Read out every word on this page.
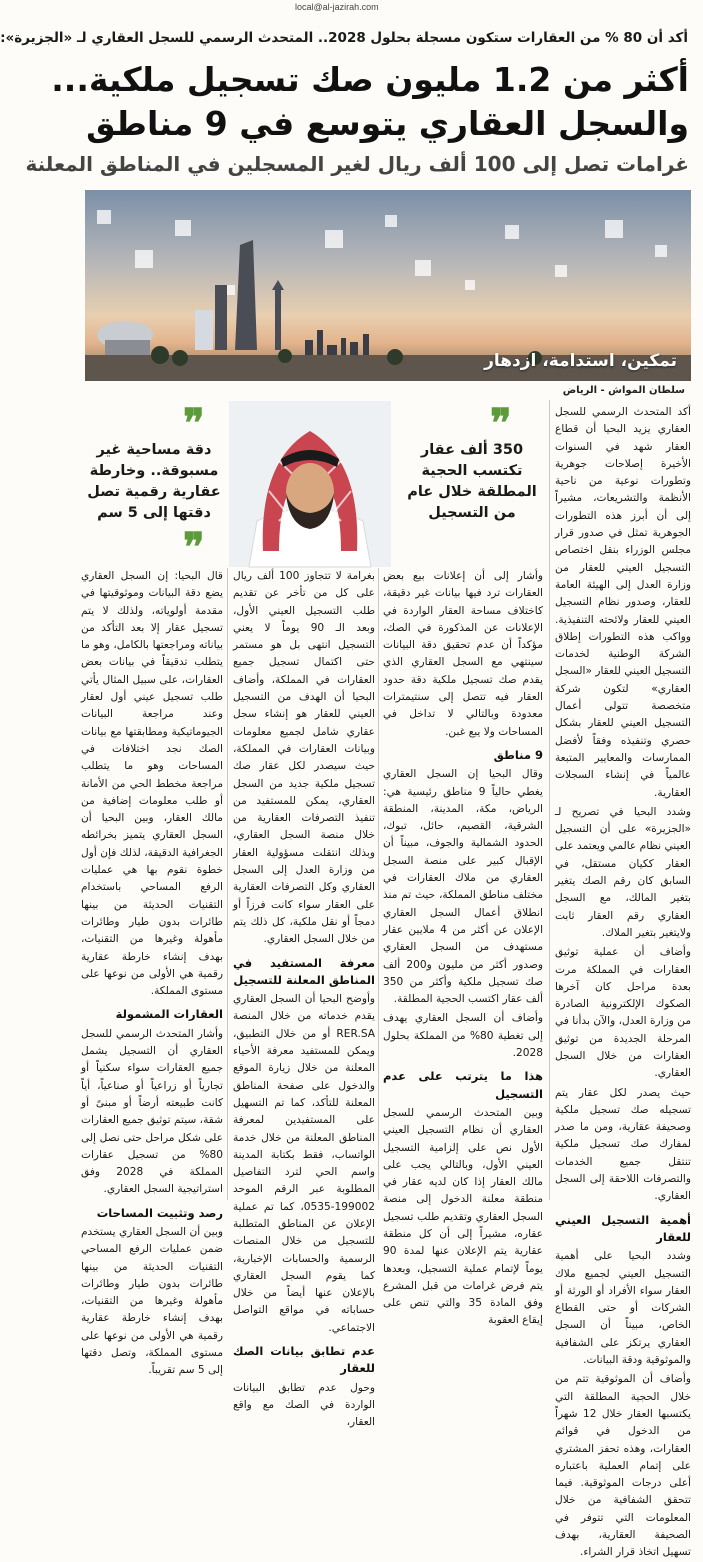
local@al-jazirah.com
أكد أن 80 % من العقارات ستكون مسجلة بحلول 2028.. المتحدث الرسمي للسجل العقاري لـ «الجزيرة»:
أكثر من 1.2 مليون صك تسجيل ملكية...
والسجل العقاري يتوسع في 9 مناطق
غرامات تصل إلى 100 ألف ريال لغير المسجلين في المناطق المعلنة
تمكين، استدامة، ازدهار
سلطان المواش - الرياض

أكد المتحدث الرسمي للسجل العقاري يزيد البحيا أن قطاع العقار شهد في السنوات الأخيرة إصلاحات جوهرية وتطورات نوعية من ناحية الأنظمة والتشريعات، مشيراً إلى أن أبرز هذه التطورات الجوهرية تمثل في صدور قرار مجلس الوزراء بنقل اختصاص التسجيل العيني للعقار من وزارة العدل إلى الهيئة العامة للعقار، وصدور نظام التسجيل العيني للعقار ولائحته التنفيذية. وواكب هذه التطورات إطلاق الشركة الوطنية لخدمات التسجيل العيني للعقار «السجل العقاري» لتكون شركة متخصصة تتولى أعمال التسجيل العيني للعقار بشكل حصري وتنفيذه وفقاً لأفضل الممارسات والمعايير المتبعة عالمياً في إنشاء السجلات العقارية.

وشدد البحيا في تصريح لـ «الجزيرة» على أن التسجيل العيني نظام عالمي ويعتمد على العقار ككيان مستقل، في السابق كان رقم الصك يتغير بتغير المالك، مع السجل العقاري رقم العقار ثابت ولايتغير بتغير الملاك.

وأضاف أن عملية توثيق العقارات في المملكة مرت بعدة مراحل كان آخرها الصكوك الإلكترونية الصادرة من وزارة العدل، والآن بدأنا في المرحلة الجديدة من توثيق العقارات من خلال السجل العقاري.

حيث يصدر لكل عقار يتم تسجيله صك تسجيل ملكية وصحيفة عقارية، ومن ما صدر لمفارك صك تسجيل ملكية تنتقل جميع الخدمات والتصرفات اللاحقة إلى السجل العقاري.

أهمية التسجيل العيني للعقار

وشدد البحيا على أهمية التسجيل العيني لجميع ملاك العقار سواء الأفراد أو الورثة أو الشركات أو حتى القطاع الخاص، مبيناً أن السجل العقاري يرتكز على الشفافية والموثوقية ودقة البيانات.

وأضاف أن الموثوقية تتم من خلال الحجية المطلقة التي يكتسبها العقار خلال 12 شهراً من الدخول في قوائم العقارات، وهذه تحفز المشتري على إتمام العملية باعتباره أعلى درجات الموثوقية. فيما تتحقق الشفافية من خلال المعلومات التي تتوفر في الصحيفة العقارية، بهدف تسهيل اتخاذ قرار الشراء.

❞
350 ألف عقار تكتسب الحجية المطلقة خلال عام من التسجيل
❞
دقة مساحية غير مسبوقة.. وخارطة عقارية رقمية تصل دقتها إلى 5 سم
❞

وأشار إلى أن إعلانات بيع بعض العقارات ترد فيها بيانات غير دقيقة، كاختلاف مساحة العقار الواردة في الإعلانات عن المذكورة في الصك، مؤكداً أن عدم تحقيق دقة البيانات سينتهي مع السجل العقاري الذي يقدم صك تسجيل ملكية دقة حدود العقار فيه تتصل إلى سنتيمترات معدودة وبالتالي لا تداخل في المساحات ولا يبع غبن.

9 مناطق

وقال البحيا إن السجل العقاري يغطي حالياً 9 مناطق رئيسية هي: الرياض، مكة، المدينة، المنطقة الشرقية، القصيم، حائل، تبوك، الحدود الشمالية والجوف، مبيناً أن الإقبال كبير على منصة السجل العقاري من ملاك العقارات في مختلف مناطق المملكة، حيث تم منذ انطلاق أعمال السجل العقاري الإعلان عن أكثر من 4 ملايين عقار مستهدف من السجل العقاري وصدور أكثر من مليون و200 ألف صك تسجيل ملكية وأكثر من 350 ألف عقار اكتسب الحجية المطلقة.

وأضاف أن السجل العقاري يهدف إلى تغطية 80% من المملكة بحلول 2028.

هذا ما يترتب على عدم التسجيل

وبين المتحدث الرسمي للسجل العقاري أن نظام التسجيل العيني الأول نص على إلزامية التسجيل العيني الأول، وبالتالي يجب على مالك العقار إذا كان لديه عقار في منطقة معلنة الدخول إلى منصة السجل العقاري وتقديم طلب تسجيل عقاره، مشيراً إلى أن كل منطقة عقارية يتم الإعلان عنها لمدة 90 يوماً لإتمام عملية التسجيل، وبعدها يتم فرض غرامات من قبل المشرع وفق المادة 35 والتي تنص على إيقاع العقوبة

بغرامة لا تتجاوز 100 ألف ريال على كل من تأخر عن تقديم طلب التسجيل العيني الأول، وبعد الـ 90 يوماً لا يعني التسجيل انتهى بل هو مستمر حتى اكتمال تسجيل جميع العقارات في المملكة، وأضاف البحيا أن الهدف من التسجيل العيني للعقار هو إنشاء سجل عقاري شامل لجميع معلومات وبيانات العقارات في المملكة، حيث سيصدر لكل عقار صك تسجيل ملكية جديد من السجل العقاري، يمكن للمستفيد من تنفيذ التصرفات العقارية من خلال منصة السجل العقاري، وبذلك انتقلت مسؤولية العقار من وزارة العدل إلى السجل العقاري وكل التصرفات العقارية على العقار سواء كانت فرزاً أو دمجاً أو نقل ملكية، كل ذلك يتم من خلال السجل العقاري.

معرفة المستفيد في المناطق المعلنة للتسجيل

وأوضح البحيا أن السجل العقاري يقدم خدماته من خلال المنصة RER.SA أو من خلال التطبيق، ويمكن للمستفيد معرفة الأحياء المعلنة من خلال زيارة الموقع والدخول على صفحة المناطق المعلنة للتأكد، كما تم التسهيل على المستفيدين لمعرفة المناطق المعلنة من خلال خدمة الواتساب، فقط بكتابة المدينة واسم الحي لترد التفاصيل المطلوبة عبر الرقم الموحد 199002-0535، كما تم عملية الإعلان عن المناطق المتطلبة للتسجيل من خلال المنصات الرسمية والحسابات الإخبارية، كما يقوم السجل العقاري بالإعلان عنها أيضاً من خلال حساباته في مواقع التواصل الاجتماعي.

عدم تطابق بيانات الصك للعقار

وحول عدم تطابق البيانات الواردة في الصك مع واقع العقار،

قال البحيا: إن السجل العقاري يضع دقة البيانات وموثوقيتها في مقدمة أولوياته، ولذلك لا يتم تسجيل عقار إلا بعد التأكد من بياناته ومراجعتها بالكامل، وهو ما يتطلب تدقيقاً في بيانات بعض العقارات، على سبيل المثال يأتي طلب تسجيل عيني أول لعقار وعند مراجعة البيانات الجيوماتيكية ومطابقتها مع بيانات الصك نجد اختلافات في المساحات وهو ما يتطلب مراجعة مخطط الحي من الأمانة أو طلب معلومات إضافية من مالك العقار، وبين البحيا أن السجل العقاري يتميز بخرائطه الجغرافية الدقيقة، لذلك فإن أول خطوة نقوم بها هي عمليات الرفع المساحي باستخدام التقنيات الحديثة من بينها طائرات بدون طيار وطائرات مأهولة وغيرها من التقنيات، بهدف إنشاء خارطة عقارية رقمية هي الأولى من نوعها على مستوى المملكة.

العقارات المشمولة

وأشار المتحدث الرسمي للسجل العقاري أن التسجيل يشمل جميع العقارات سواء سكنياً أو تجارياً أو زراعياً أو صناعياً، أياً كانت طبيعته أرضاً أو مبنىً أو شقة، سيتم توثيق جميع العقارات على شكل مراحل حتى نصل إلى 80% من تسجيل عقارات المملكة في 2028 وفق استراتيجية السجل العقاري.

رصد وتثبيت المساحات

وبين أن السجل العقاري يستخدم ضمن عمليات الرفع المساحي التقنيات الحديثة من بينها طائرات بدون طيار وطائرات مأهولة وغيرها من التقنيات، بهدف إنشاء خارطة عقارية رقمية هي الأولى من نوعها على مستوى المملكة، وتصل دقتها إلى 5 سم تقريباً.
